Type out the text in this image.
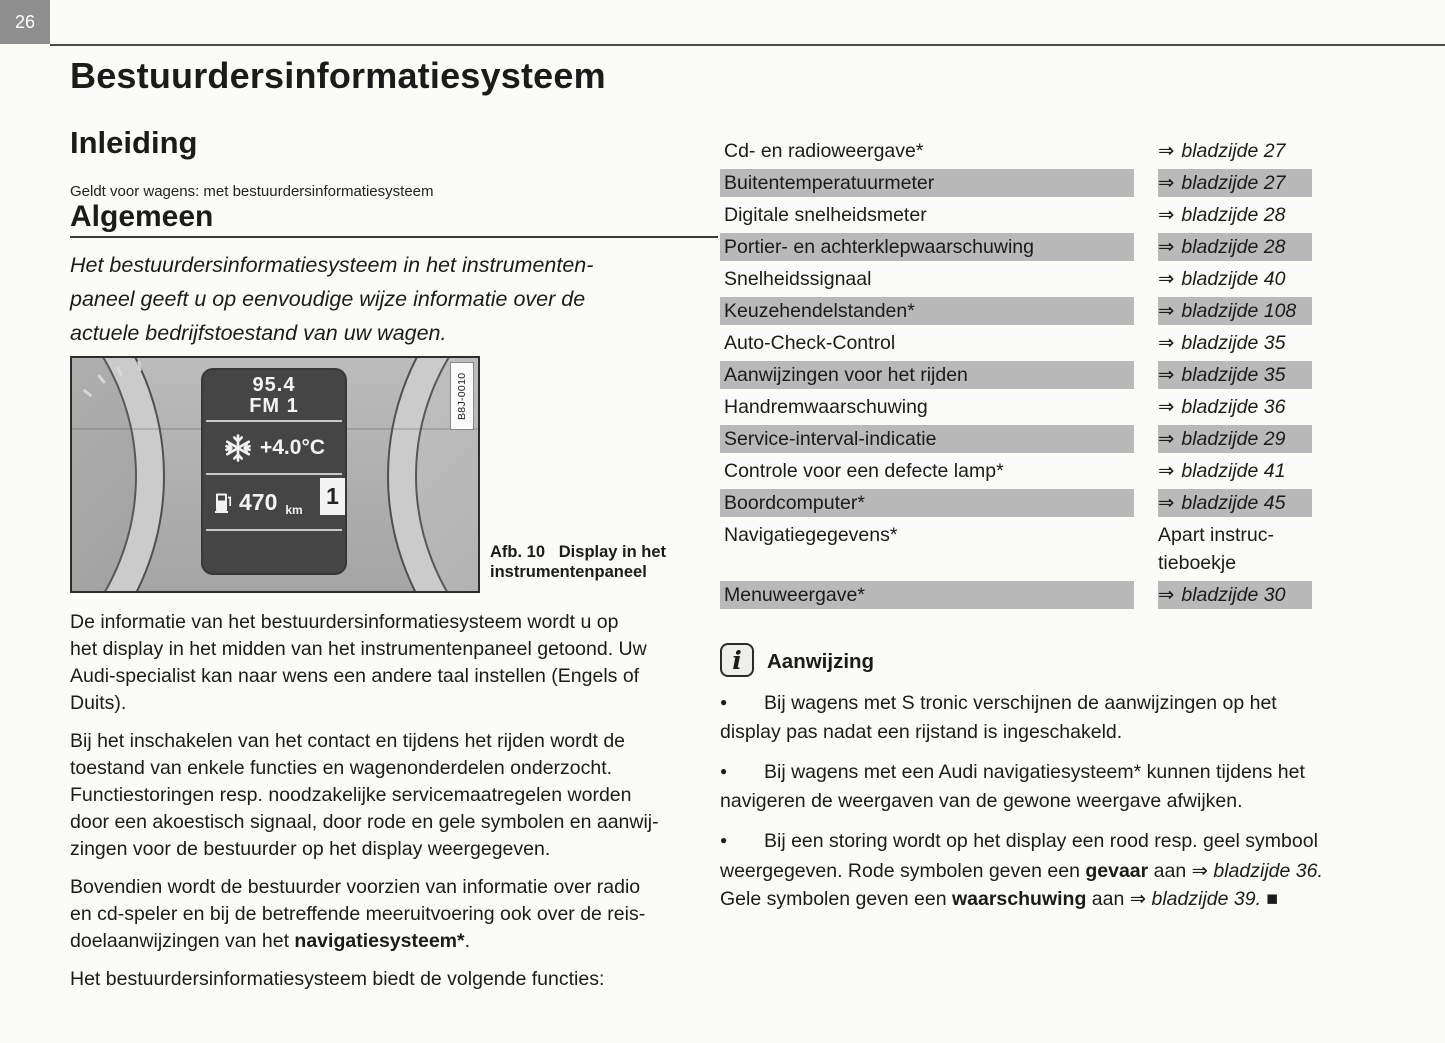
26
Bestuurdersinformatiesysteem
Inleiding
Geldt voor wagens: met bestuurdersinformatiesysteem
Algemeen
Het bestuurdersinformatiesysteem in het instrumenten-
paneel geeft u op eenvoudige wijze informatie over de
actuele bedrijfstoestand van uw wagen.
95.4
FM 1
+4.0°C
470 km
1
B8J-0010
Afb. 10   Display in het
instrumentenpaneel
De informatie van het bestuurdersinformatiesysteem wordt u op
het display in het midden van het instrumentenpaneel getoond. Uw
Audi-specialist kan naar wens een andere taal instellen (Engels of
Duits).
Bij het inschakelen van het contact en tijdens het rijden wordt de
toestand van enkele functies en wagenonderdelen onderzocht.
Functiestoringen resp. noodzakelijke servicemaatregelen worden
door een akoestisch signaal, door rode en gele symbolen en aanwij-
zingen voor de bestuurder op het display weergegeven.
Bovendien wordt de bestuurder voorzien van informatie over radio
en cd-speler en bij de betreffende meeruitvoering ook over de reis-
doelaanwijzingen van het navigatiesysteem*.
Het bestuurdersinformatiesysteem biedt de volgende functies:
Cd- en radioweergave*	⇒ bladzijde 27
Buitentemperatuurmeter	⇒ bladzijde 27
Digitale snelheidsmeter	⇒ bladzijde 28
Portier- en achterklepwaarschuwing	⇒ bladzijde 28
Snelheidssignaal	⇒ bladzijde 40
Keuzehendelstanden*	⇒ bladzijde 108
Auto-Check-Control	⇒ bladzijde 35
Aanwijzingen voor het rijden	⇒ bladzijde 35
Handremwaarschuwing	⇒ bladzijde 36
Service-interval-indicatie	⇒ bladzijde 29
Controle voor een defecte lamp*	⇒ bladzijde 41
Boordcomputer*	⇒ bladzijde 45
Navigatiegegevens*	Apart instruc-tieboekje
Menuweergave*	⇒ bladzijde 30
i Aanwijzing
● Bij wagens met S tronic verschijnen de aanwijzingen op het
display pas nadat een rijstand is ingeschakeld.
● Bij wagens met een Audi navigatiesysteem* kunnen tijdens het
navigeren de weergaven van de gewone weergave afwijken.
● Bij een storing wordt op het display een rood resp. geel symbool
weergegeven. Rode symbolen geven een gevaar aan ⇒ bladzijde 36.
Gele symbolen geven een waarschuwing aan ⇒ bladzijde 39. ■
